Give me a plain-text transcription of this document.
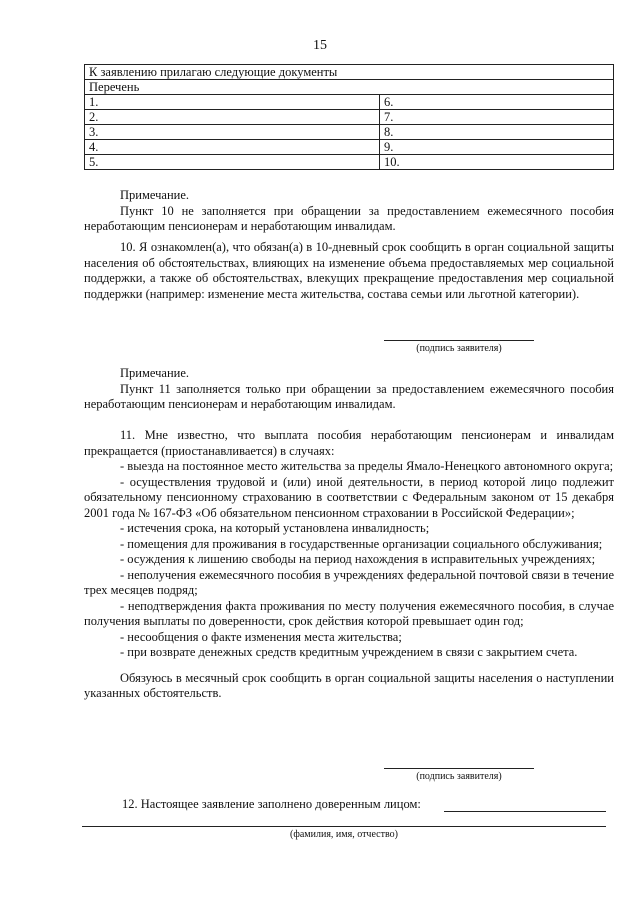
15
К заявлению прилагаю следующие документы	
Перечень	
1.	6.
2.	7.
3.	8.
4.	9.
5.	10.

Примечание.

Пункт 10 не заполняется при обращении за предоставлением ежемесячного пособия неработающим пенсионерам и неработающим инвалидам.

10. Я ознакомлен(а), что обязан(а) в 10-дневный срок сообщить в орган социальной защиты населения об обстоятельствах, влияющих на изменение объема предоставляемых мер социальной поддержки, а также об обстоятельствах, влекущих прекращение предоставления мер социальной поддержки (например: изменение места жительства, состава семьи или льготной категории).
(подпись заявителя)

Примечание.

Пункт 11 заполняется только при обращении за предоставлением ежемесячного пособия неработающим пенсионерам и неработающим инвалидам.

11. Мне известно, что выплата пособия неработающим пенсионерам и инвалидам прекращается (приостанавливается) в случаях:

- выезда на постоянное место жительства за пределы Ямало-Ненецкого автономного округа;

- осуществления трудовой и (или) иной деятельности, в период которой лицо подлежит обязательному пенсионному страхованию в соответствии с Федеральным законом от 15 декабря 2001 года № 167-ФЗ «Об обязательном пенсионном страховании в Российской Федерации»;

- истечения срока, на который установлена инвалидность;

- помещения для проживания в государственные организации социального обслуживания;

- осуждения к лишению свободы на период нахождения в исправительных учреждениях;

- неполучения ежемесячного пособия в учреждениях федеральной почтовой связи в течение трех месяцев подряд;

- неподтверждения факта проживания по месту получения ежемесячного пособия, в случае получения выплаты по доверенности, срок действия которой превышает один год;

- несообщения о факте изменения места жительства;

- при возврате денежных средств кредитным учреждением в связи с закрытием счета.

Обязуюсь в месячный срок сообщить в орган социальной защиты населения о наступлении указанных обстоятельств.

(подпись заявителя)
12. Настоящее заявление заполнено доверенным лицом:
(фамилия, имя, отчество)
